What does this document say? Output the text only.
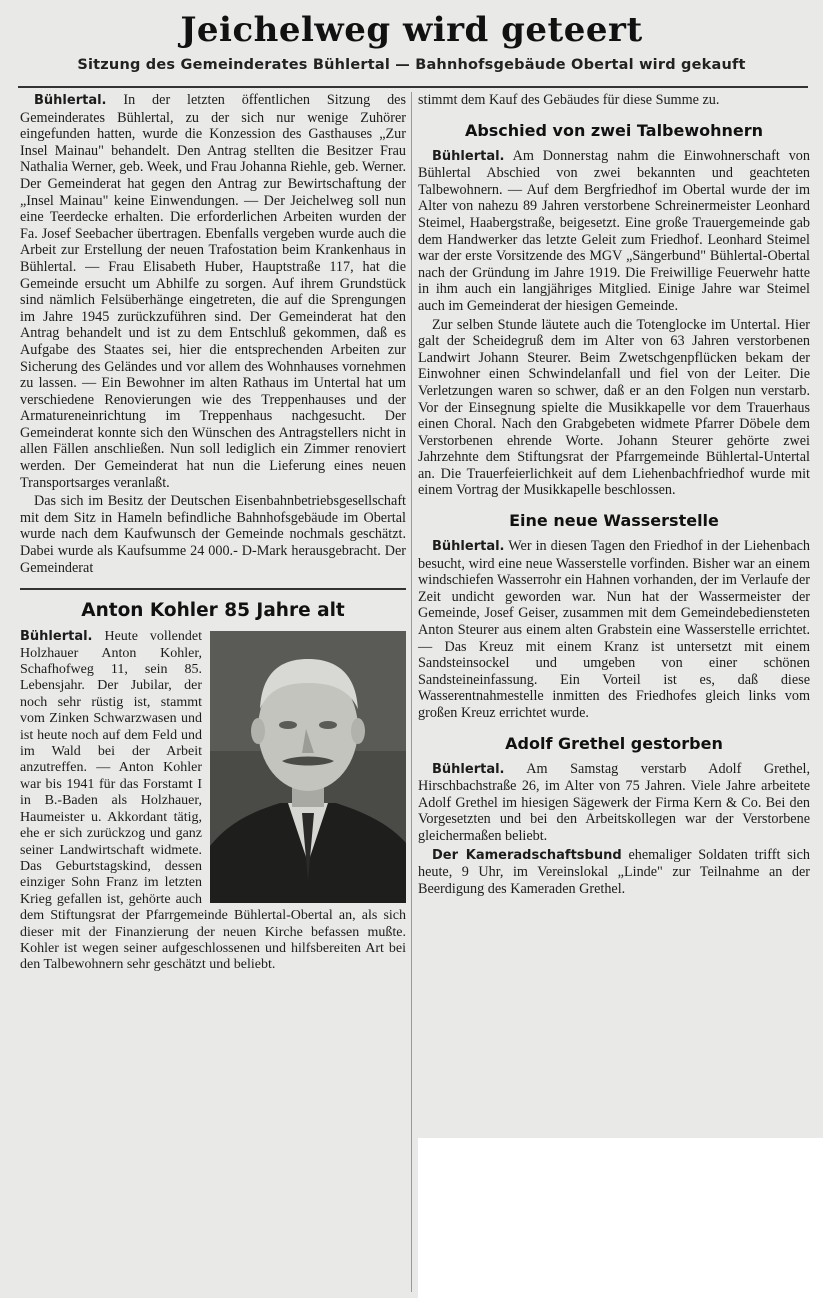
Jeichelweg wird geteert
Sitzung des Gemeinderates Bühlertal — Bahnhofsgebäude Obertal wird gekauft

Bühlertal. In der letzten öffentlichen Sitzung des Gemeinderates Bühlertal, zu der sich nur wenige Zuhörer eingefunden hatten, wurde die Konzession des Gasthauses „Zur Insel Mainau" behandelt. Den Antrag stellten die Besitzer Frau Nathalia Werner, geb. Week, und Frau Johanna Riehle, geb. Werner. Der Gemeinderat hat gegen den Antrag zur Bewirtschaftung der „Insel Mainau" keine Einwendungen. — Der Jeichelweg soll nun eine Teerdecke erhalten. Die erforderlichen Arbeiten wurden der Fa. Josef Seebacher übertragen. Ebenfalls vergeben wurde auch die Arbeit zur Erstellung der neuen Trafostation beim Krankenhaus in Bühlertal. — Frau Elisabeth Huber, Hauptstraße 117, hat die Gemeinde ersucht um Abhilfe zu sorgen. Auf ihrem Grundstück sind nämlich Felsüberhänge eingetreten, die auf die Sprengungen im Jahre 1945 zurückzuführen sind. Der Gemeinderat hat den Antrag behandelt und ist zu dem Entschluß gekommen, daß es Aufgabe des Staates sei, hier die entsprechenden Arbeiten zur Sicherung des Geländes und vor allem des Wohnhauses vornehmen zu lassen. — Ein Bewohner im alten Rathaus im Untertal hat um verschiedene Renovierungen wie des Treppenhauses und der Armatureneinrichtung im Treppenhaus nachgesucht. Der Gemeinderat konnte sich den Wünschen des Antragstellers nicht in allen Fällen anschließen. Nun soll lediglich ein Zimmer renoviert werden. Der Gemeinderat hat nun die Lieferung eines neuen Transportsarges veranlaßt.

Das sich im Besitz der Deutschen Eisenbahnbetriebsgesellschaft mit dem Sitz in Hameln befindliche Bahnhofsgebäude im Obertal wurde nach dem Kaufwunsch der Gemeinde nochmals geschätzt. Dabei wurde als Kaufsumme 24 000.- D-Mark herausgebracht. Der Gemeinderat

Anton Kohler 85 Jahre alt

Bühlertal. Heute vollendet Holzhauer Anton Kohler, Schafhofweg 11, sein 85. Lebensjahr. Der Jubilar, der noch sehr rüstig ist, stammt vom Zinken Schwarzwasen und ist heute noch auf dem Feld und im Wald bei der Arbeit anzutreffen. — Anton Kohler war bis 1941 für das Forstamt I in B.-Baden als Holzhauer, Haumeister u. Akkordant tätig, ehe er sich zurückzog und ganz seiner Landwirtschaft widmete. Das Geburtstagskind, dessen einziger Sohn Franz im letzten Krieg gefallen ist, gehörte auch dem Stiftungsrat der Pfarrgemeinde Bühlertal-Obertal an, als sich dieser mit der Finanzierung der neuen Kirche befassen mußte. Kohler ist wegen seiner aufgeschlossenen und hilfsbereiten Art bei den Talbewohnern sehr geschätzt und beliebt.

stimmt dem Kauf des Gebäudes für diese Summe zu.

Abschied von zwei Talbewohnern

Bühlertal. Am Donnerstag nahm die Einwohnerschaft von Bühlertal Abschied von zwei bekannten und geachteten Talbewohnern. — Auf dem Bergfriedhof im Obertal wurde der im Alter von nahezu 89 Jahren verstorbene Schreinermeister Leonhard Steimel, Haabergstraße, beigesetzt. Eine große Trauergemeinde gab dem Handwerker das letzte Geleit zum Friedhof. Leonhard Steimel war der erste Vorsitzende des MGV „Sängerbund" Bühlertal-Obertal nach der Gründung im Jahre 1919. Die Freiwillige Feuerwehr hatte in ihm auch ein langjähriges Mitglied. Einige Jahre war Steimel auch im Gemeinderat der hiesigen Gemeinde.

Zur selben Stunde läutete auch die Totenglocke im Untertal. Hier galt der Scheidegruß dem im Alter von 63 Jahren verstorbenen Landwirt Johann Steurer. Beim Zwetschgenpflücken bekam der Einwohner einen Schwindelanfall und fiel von der Leiter. Die Verletzungen waren so schwer, daß er an den Folgen nun verstarb. Vor der Einsegnung spielte die Musikkapelle vor dem Trauerhaus einen Choral. Nach den Grabgebeten widmete Pfarrer Döbele dem Verstorbenen ehrende Worte. Johann Steurer gehörte zwei Jahrzehnte dem Stiftungsrat der Pfarrgemeinde Bühlertal-Untertal an. Die Trauerfeierlichkeit auf dem Liehenbachfriedhof wurde mit einem Vortrag der Musikkapelle beschlossen.

Eine neue Wasserstelle

Bühlertal. Wer in diesen Tagen den Friedhof in der Liehenbach besucht, wird eine neue Wasserstelle vorfinden. Bisher war an einem windschiefen Wasserrohr ein Hahnen vorhanden, der im Verlaufe der Zeit undicht geworden war. Nun hat der Wassermeister der Gemeinde, Josef Geiser, zusammen mit dem Gemeindebediensteten Anton Steurer aus einem alten Grabstein eine Wasserstelle errichtet. — Das Kreuz mit einem Kranz ist untersetzt mit einem Sandsteinsockel und umgeben von einer schönen Sandsteineinfassung. Ein Vorteil ist es, daß diese Wasserentnahmestelle inmitten des Friedhofes gleich links vom großen Kreuz errichtet wurde.

Adolf Grethel gestorben

Bühlertal. Am Samstag verstarb Adolf Grethel, Hirschbachstraße 26, im Alter von 75 Jahren. Viele Jahre arbeitete Adolf Grethel im hiesigen Sägewerk der Firma Kern & Co. Bei den Vorgesetzten und bei den Arbeitskollegen war der Verstorbene gleichermaßen beliebt.

Der Kameradschaftsbund ehemaliger Soldaten trifft sich heute, 9 Uhr, im Vereinslokal „Linde" zur Teilnahme an der Beerdigung des Kameraden Grethel.
